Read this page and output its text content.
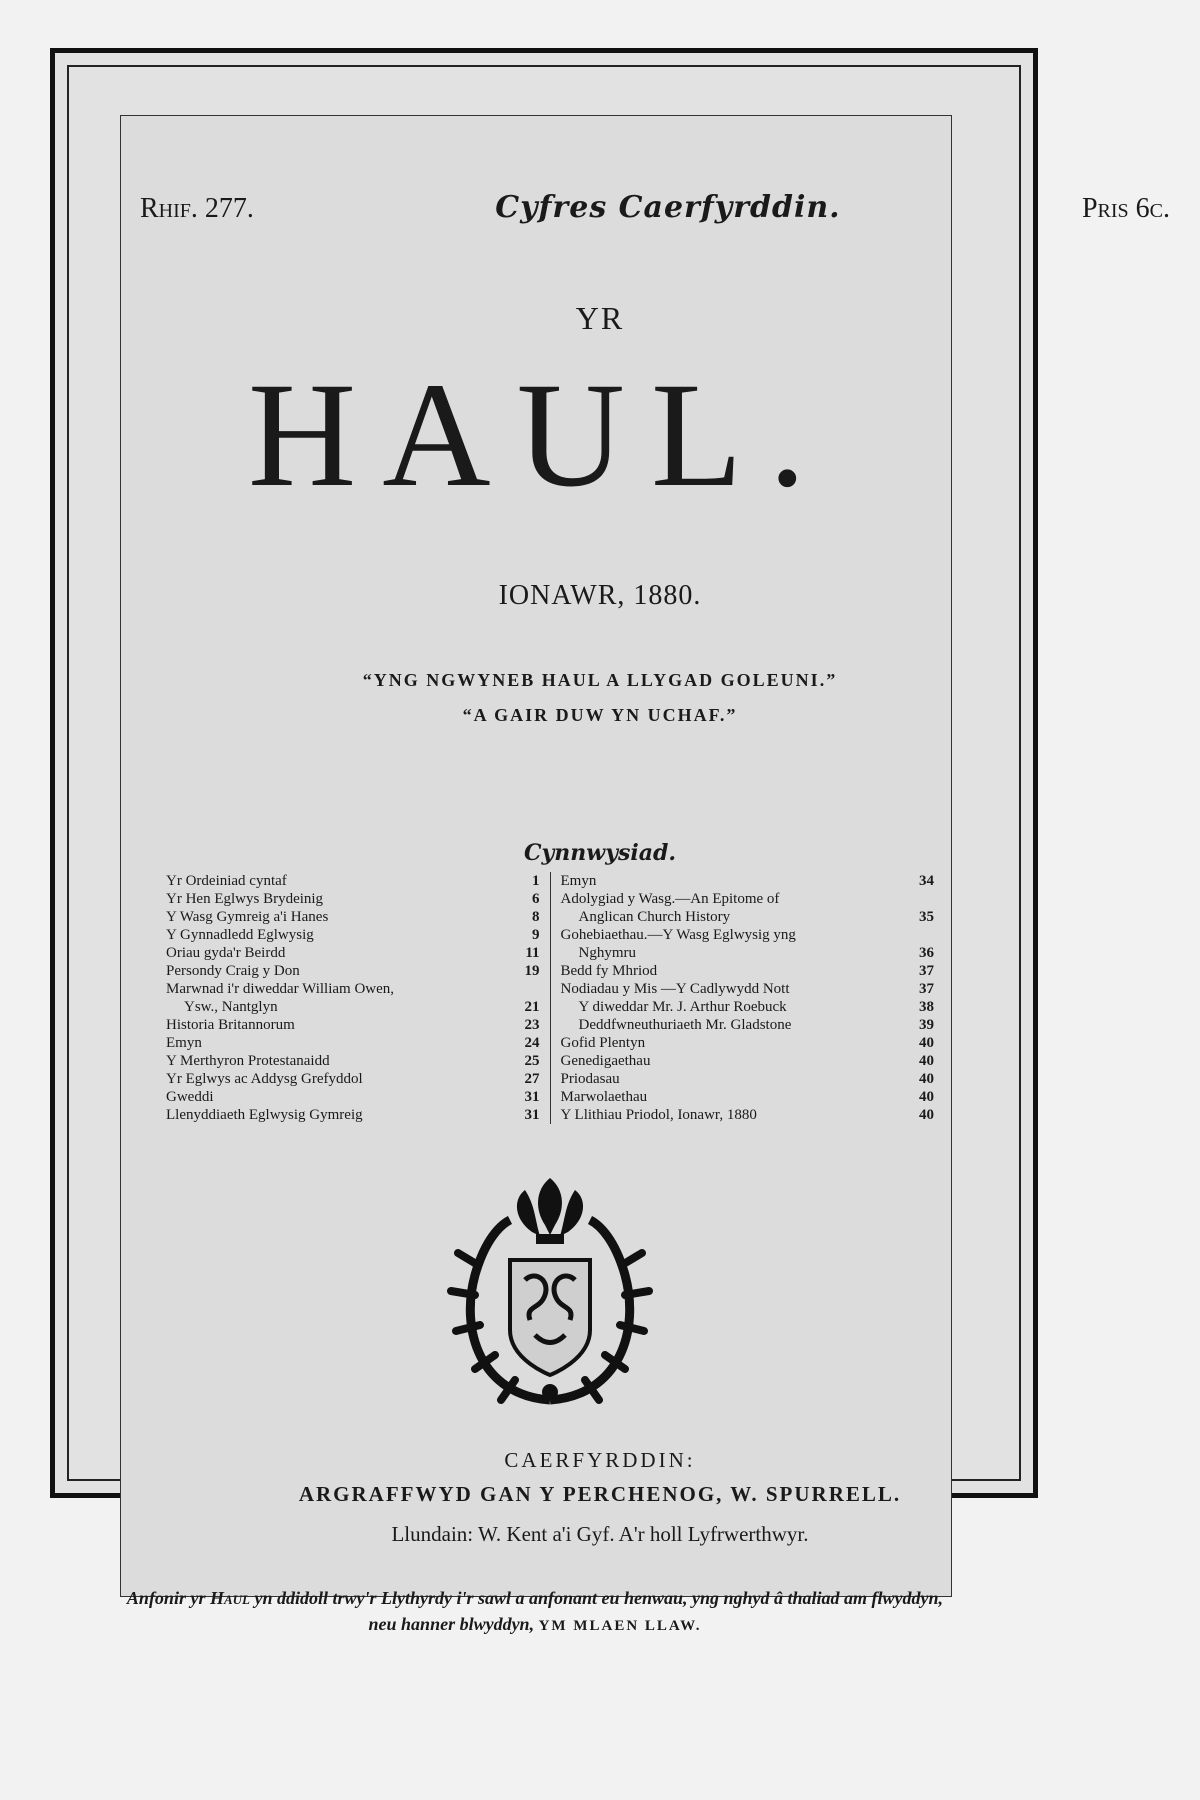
Rhif. 277.	Cyfres Caerfyrddin.	Pris 6c.
YR
HAUL.
IONAWR, 1880.
“YNG NGWYNEB HAUL A LLYGAD GOLEUNI.”
“A GAIR DUW YN UCHAF.”
Cynnwysiad.
Yr Ordeiniad cyntaf	1
Yr Hen Eglwys Brydeinig	6
Y Wasg Gymreig a'i Hanes	8
Y Gynnadledd Eglwysig	9
Oriau gyda'r Beirdd	11
Persondy Craig y Don	19
Marwnad i'r diweddar William Owen,
Ysw., Nantglyn	21
Historia Britannorum	23
Emyn	24
Y Merthyron Protestanaidd	25
Yr Eglwys ac Addysg Grefyddol	27
Gweddi	31
Llenyddiaeth Eglwysig Gymreig	31
Emyn	34
Adolygiad y Wasg.—An Epitome of
Anglican Church History	35
Gohebiaethau.—Y Wasg Eglwysig yng
Nghymru	36
Bedd fy Mhriod	37
Nodiadau y Mis —Y Cadlywydd Nott	37
Y diweddar Mr. J. Arthur Roebuck	38
Deddfwneuthuriaeth Mr. Gladstone	39
Gofid Plentyn	40
Genedigaethau	40
Priodasau	40
Marwolaethau	40
Y Llithiau Priodol, Ionawr, 1880	40
CAERFYRDDIN:
ARGRAFFWYD GAN Y PERCHENOG, W. SPURRELL.
Llundain: W. Kent a'i Gyf. A'r holl Lyfrwerthwyr.
Anfonir yr Haul yn ddidoll trwy'r Llythyrdy i'r sawl a anfonant eu henwau, yng nghyd â thaliad am flwyddyn, neu hanner blwyddyn, YM MLAEN LLAW.
